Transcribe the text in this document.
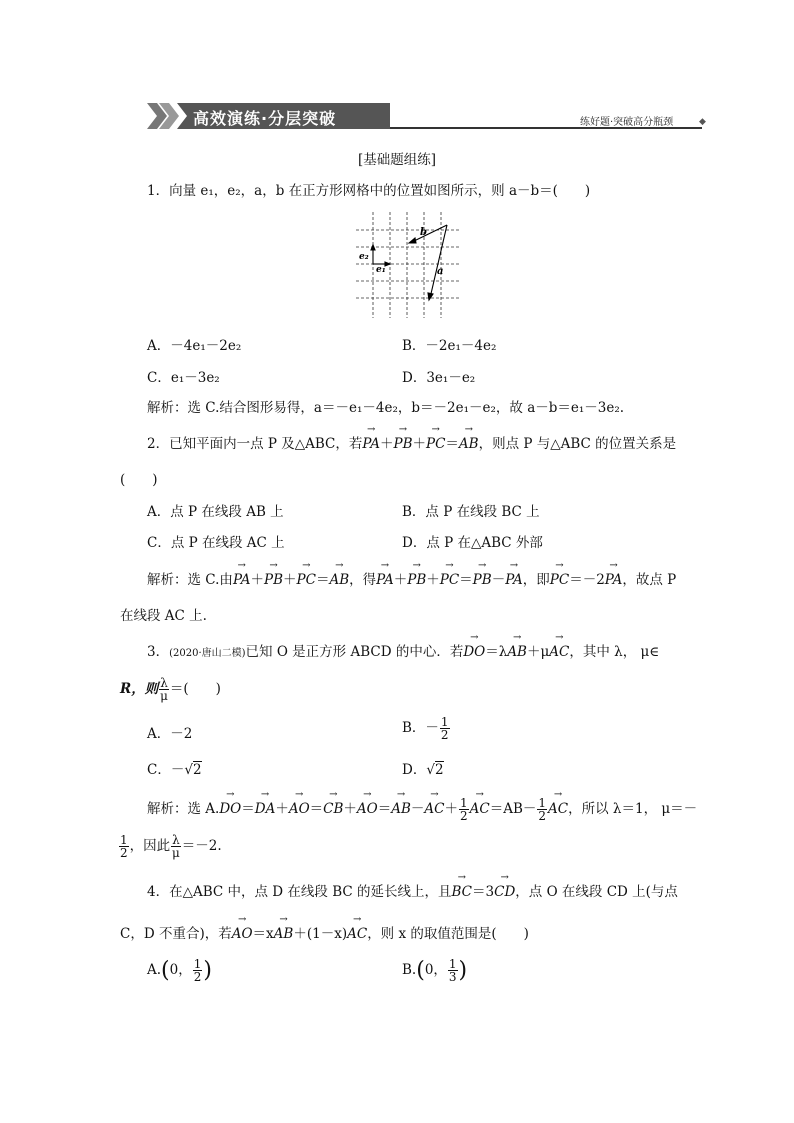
高效演练·分层突破	练好题·突破高分瓶颈	◆
[基础题组练]
1．向量 e₁，e₂，a，b 在正方形网格中的位置如图所示，则 a－b＝(　　)
b
a
e₂
e₁
A．－4e₁－2e₂	B．－2e₁－4e₂
C．e₁－3e₂	D．3e₁－e₂
解析：选 C.结合图形易得，a＝－e₁－4e₂，b＝－2e₁－e₂，故 a－b＝e₁－3e₂.
2．已知平面内一点 P 及△ABC，若→ PA＋→ PB＋→ PC＝→ AB，则点 P 与△ABC 的位置关系是
(　　)
A．点 P 在线段 AB 上	B．点 P 在线段 BC 上
C．点 P 在线段 AC 上	D．点 P 在△ABC 外部
解析：选 C.由→ PA＋→ PB＋→ PC＝→ AB，得→ PA＋→ PB＋→ PC＝→ PB－→ PA，即→ PC＝－2→ PA，故点 P
在线段 AC 上.
3．(2020·唐山二模)已知 O 是正方形 ABCD 的中心．若→ DO＝λ→ AB＋μ→ AC，其中 λ， μ∈
R，则 $\frac{\lambda}{\mu}$ ＝(　　)
A．－2	B．－ $\frac{1}{2}$
C．－√2	D．√2
解析：选 $A.\to DO=\to DA+\to AO=\to CB+\to AO=\to AB-\to AC+ \frac{1}{2}$
→ $AC=AB- \frac{1}{2}$
→ AC，所以 λ＝1， μ＝－
$\frac{1}{2}$ ，因此 $\frac{\lambda}{\mu} =-2$.
4．在△ABC 中，点 D 在线段 BC 的延长线上，且→ BC＝3→ CD，点 O 在线段 CD 上(与点
C，D 不重合)，若→ AO＝x→ AB＋(1－x)→ AC，则 x 的取值范围是(　　)
A.(0， $\frac{1}{2}$ )	B.(0， $\frac{1}{3}$ )
